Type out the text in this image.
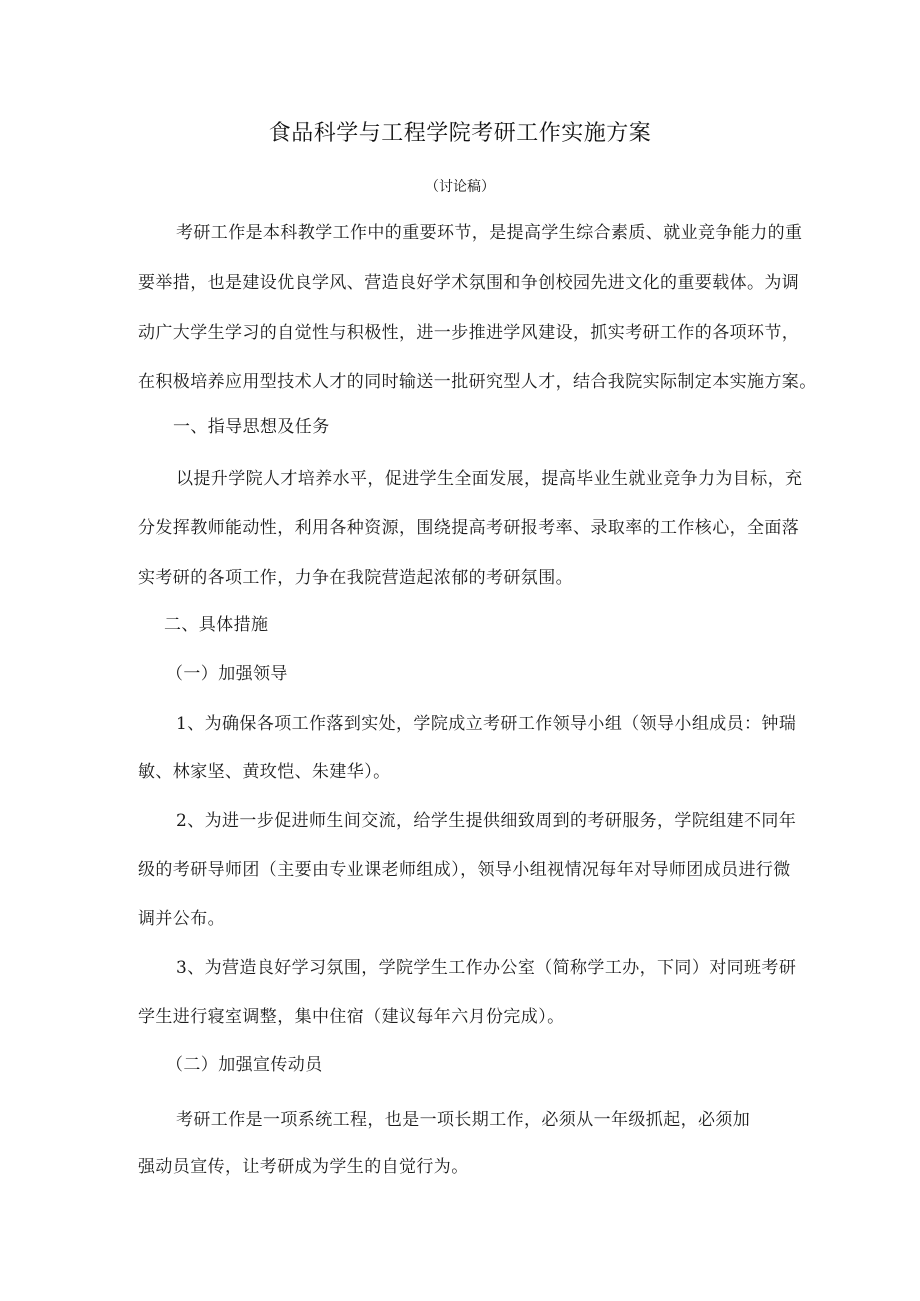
食品科学与工程学院考研工作实施方案
（讨论稿）
考研工作是本科教学工作中的重要环节，是提高学生综合素质、就业竞争能力的重
要举措，也是建设优良学风、营造良好学术氛围和争创校园先进文化的重要载体。为调
动广大学生学习的自觉性与积极性，进一步推进学风建设，抓实考研工作的各项环节，
在积极培养应用型技术人才的同时输送一批研究型人才，结合我院实际制定本实施方案。
一、指导思想及任务
以提升学院人才培养水平，促进学生全面发展，提高毕业生就业竞争力为目标，充
分发挥教师能动性，利用各种资源，围绕提高考研报考率、录取率的工作核心，全面落
实考研的各项工作，力争在我院营造起浓郁的考研氛围。
二、具体措施
（一）加强领导
1、为确保各项工作落到实处，学院成立考研工作领导小组（领导小组成员：钟瑞
敏、林家坚、黄玫恺、朱建华）。
2、为进一步促进师生间交流，给学生提供细致周到的考研服务，学院组建不同年
级的考研导师团（主要由专业课老师组成），领导小组视情况每年对导师团成员进行微
调并公布。
3、为营造良好学习氛围，学院学生工作办公室（简称学工办，下同）对同班考研
学生进行寝室调整，集中住宿（建议每年六月份完成）。
（二）加强宣传动员
考研工作是一项系统工程，也是一项长期工作，必须从一年级抓起，必须加
强动员宣传，让考研成为学生的自觉行为。
